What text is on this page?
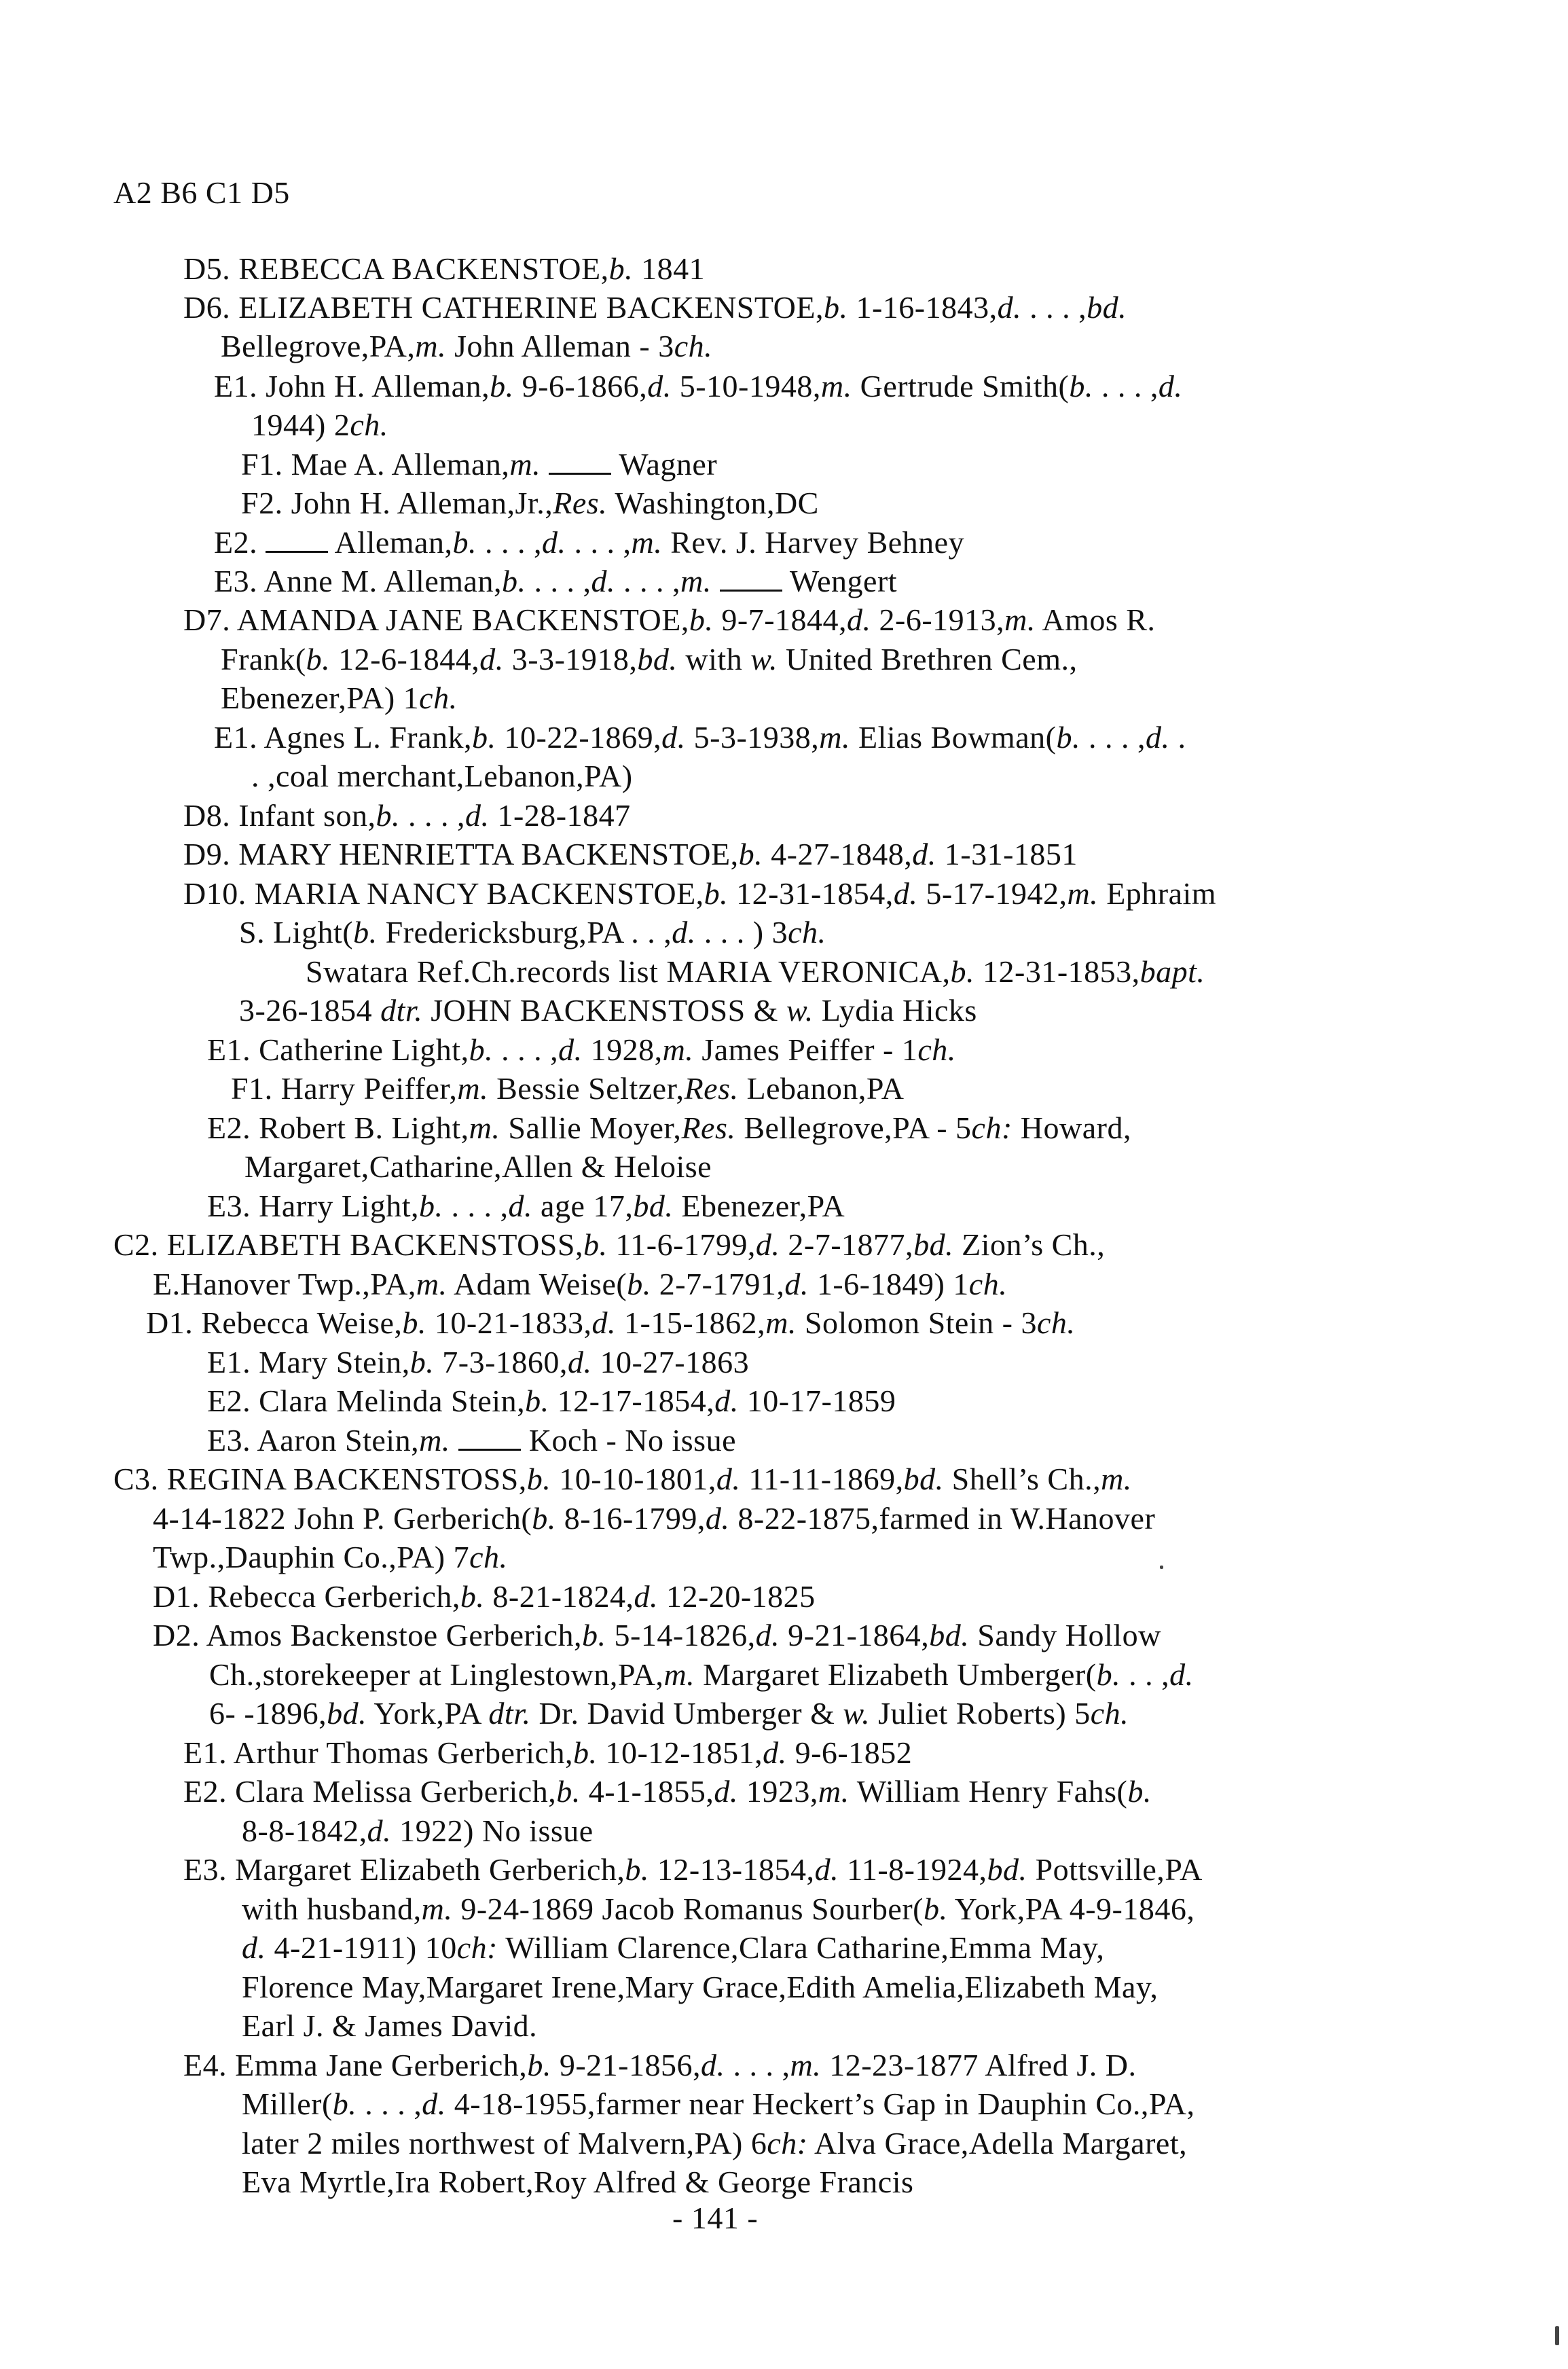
A2 B6 C1 D5
D5. REBECCA BACKENSTOE,b. 1841
D6. ELIZABETH CATHERINE BACKENSTOE,b. 1-16-1843,d. . . . ,bd.
Bellegrove,PA,m. John Alleman - 3ch.
E1. John H. Alleman,b. 9-6-1866,d. 5-10-1948,m. Gertrude Smith(b. . . . ,d.
1944) 2ch.
F1. Mae A. Alleman,m.  Wagner
F2. John H. Alleman,Jr.,Res. Washington,DC
E2.  Alleman,b. . . . ,d. . . . ,m. Rev. J. Harvey Behney
E3. Anne M. Alleman,b. . . . ,d. . . . ,m.  Wengert
D7. AMANDA JANE BACKENSTOE,b. 9-7-1844,d. 2-6-1913,m. Amos R.
Frank(b. 12-6-1844,d. 3-3-1918,bd. with w. United Brethren Cem.,
Ebenezer,PA) 1ch.
E1. Agnes L. Frank,b. 10-22-1869,d. 5-3-1938,m. Elias Bowman(b. . . . ,d. .
. ,coal merchant,Lebanon,PA)
D8. Infant son,b. . . . ,d. 1-28-1847
D9. MARY HENRIETTA BACKENSTOE,b. 4-27-1848,d. 1-31-1851
D10. MARIA NANCY BACKENSTOE,b. 12-31-1854,d. 5-17-1942,m. Ephraim
S. Light(b. Fredericksburg,PA . . ,d. . . . ) 3ch.
Swatara Ref.Ch.records list MARIA VERONICA,b. 12-31-1853,bapt.
3-26-1854 dtr. JOHN BACKENSTOSS & w. Lydia Hicks
E1. Catherine Light,b. . . . ,d. 1928,m. James Peiffer - 1ch.
F1. Harry Peiffer,m. Bessie Seltzer,Res. Lebanon,PA
E2. Robert B. Light,m. Sallie Moyer,Res. Bellegrove,PA - 5ch: Howard,
Margaret,Catharine,Allen & Heloise
E3. Harry Light,b. . . . ,d. age 17,bd. Ebenezer,PA
C2. ELIZABETH BACKENSTOSS,b. 11-6-1799,d. 2-7-1877,bd. Zion’s Ch.,
E.Hanover Twp.,PA,m. Adam Weise(b. 2-7-1791,d. 1-6-1849) 1ch.
D1. Rebecca Weise,b. 10-21-1833,d. 1-15-1862,m. Solomon Stein - 3ch.
E1. Mary Stein,b. 7-3-1860,d. 10-27-1863
E2. Clara Melinda Stein,b. 12-17-1854,d. 10-17-1859
E3. Aaron Stein,m.  Koch - No issue
C3. REGINA BACKENSTOSS,b. 10-10-1801,d. 11-11-1869,bd. Shell’s Ch.,m.
4-14-1822 John P. Gerberich(b. 8-16-1799,d. 8-22-1875,farmed in W.Hanover
Twp.,Dauphin Co.,PA) 7ch.
D1. Rebecca Gerberich,b. 8-21-1824,d. 12-20-1825
D2. Amos Backenstoe Gerberich,b. 5-14-1826,d. 9-21-1864,bd. Sandy Hollow
Ch.,storekeeper at Linglestown,PA,m. Margaret Elizabeth Umberger(b. . . ,d.
6- -1896,bd. York,PA dtr. Dr. David Umberger & w. Juliet Roberts) 5ch.
E1. Arthur Thomas Gerberich,b. 10-12-1851,d. 9-6-1852
E2. Clara Melissa Gerberich,b. 4-1-1855,d. 1923,m. William Henry Fahs(b.
8-8-1842,d. 1922) No issue
E3. Margaret Elizabeth Gerberich,b. 12-13-1854,d. 11-8-1924,bd. Pottsville,PA
with husband,m. 9-24-1869 Jacob Romanus Sourber(b. York,PA 4-9-1846,
d. 4-21-1911) 10ch: William Clarence,Clara Catharine,Emma May,
Florence May,Margaret Irene,Mary Grace,Edith Amelia,Elizabeth May,
Earl J. & James David.
E4. Emma Jane Gerberich,b. 9-21-1856,d. . . . ,m. 12-23-1877 Alfred J. D.
Miller(b. . . . ,d. 4-18-1955,farmer near Heckert’s Gap in Dauphin Co.,PA,
later 2 miles northwest of Malvern,PA) 6ch: Alva Grace,Adella Margaret,
Eva Myrtle,Ira Robert,Roy Alfred & George Francis
- 141 -
